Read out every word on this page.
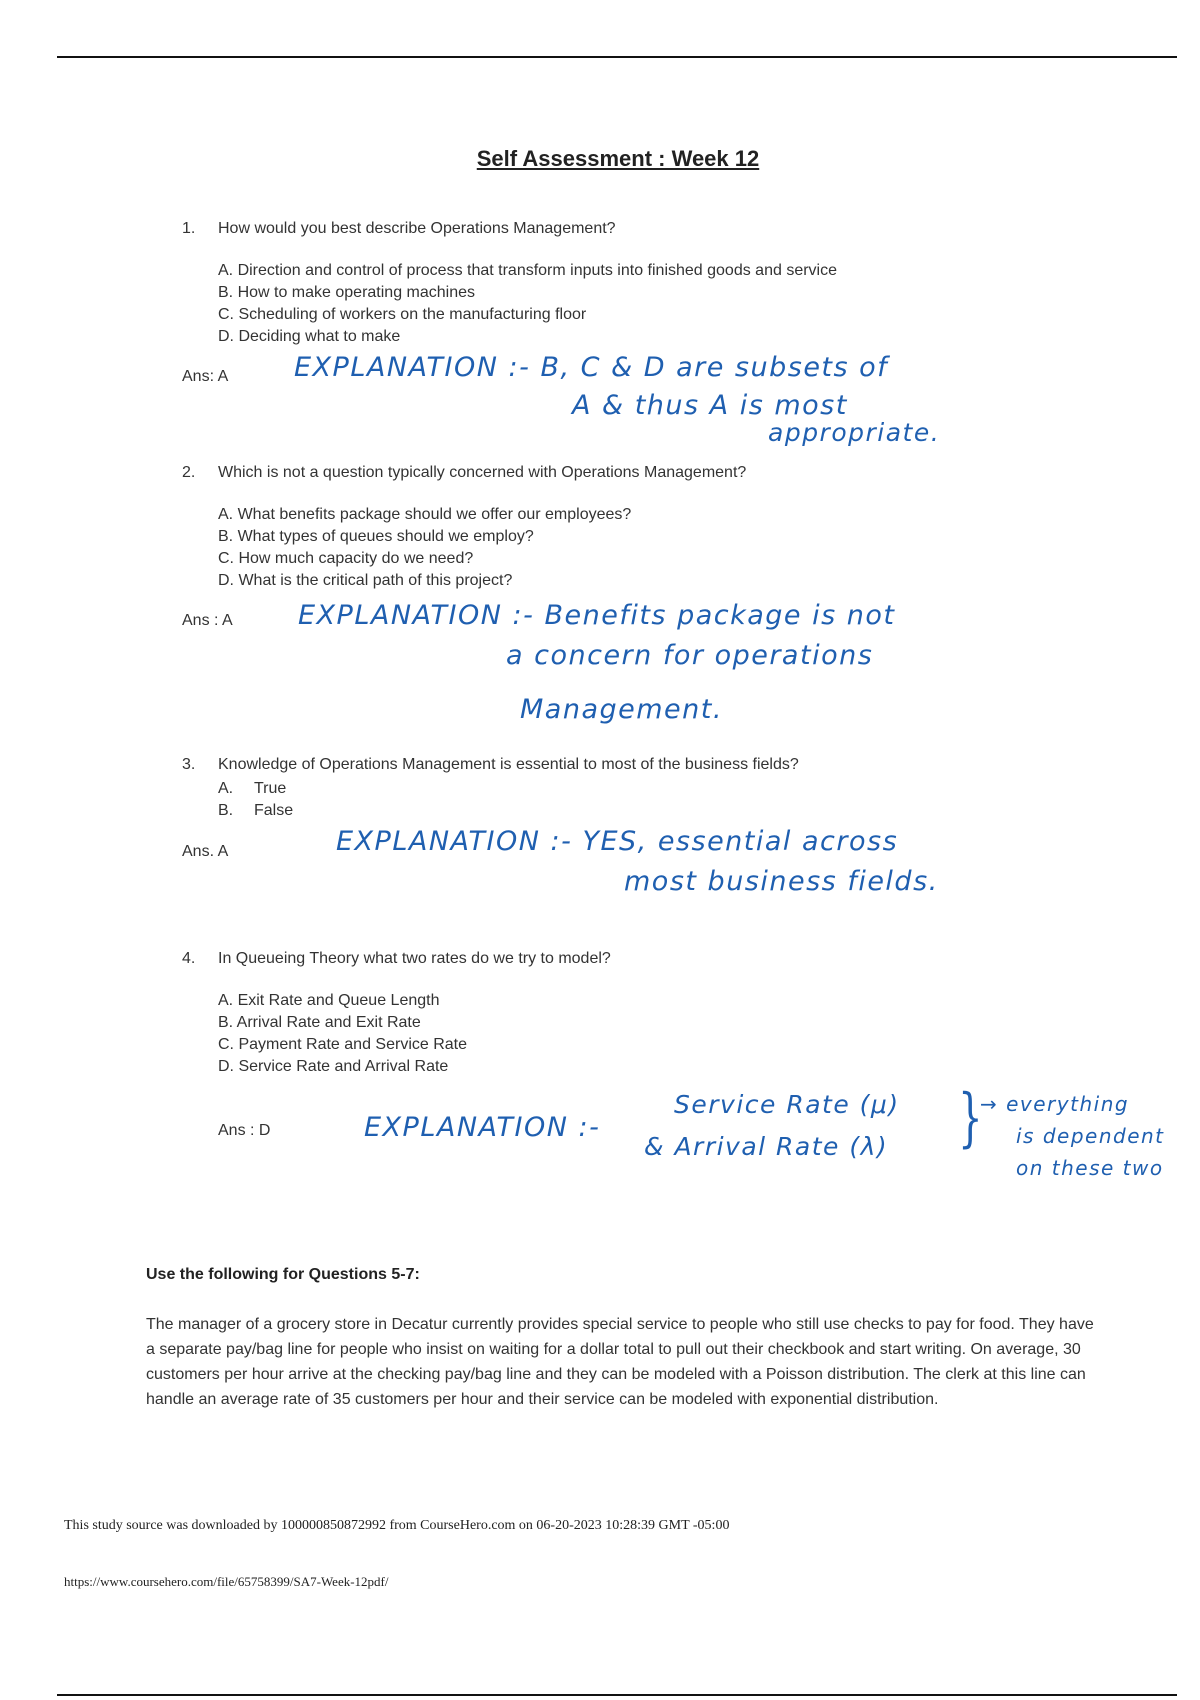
Self Assessment : Week 12
1. How would you best describe Operations Management?
A. Direction and control of process that transform inputs into finished goods and service
B. How to make operating machines
C. Scheduling of workers on the manufacturing floor
D. Deciding what to make
Ans: A EXPLANATION :- B, C & D are subsets of
A & thus A is most
appropriate.
2. Which is not a question typically concerned with Operations Management?
A. What benefits package should we offer our employees?
B. What types of queues should we employ?
C. How much capacity do we need?
D. What is the critical path of this project?
Ans : A EXPLANATION :- Benefits package is not
a concern for operations
Management.
3. Knowledge of Operations Management is essential to most of the business fields?
A. True
B. False
Ans. A	EXPLANATION :- YES, essential across
most business fields.
4. In Queueing Theory what two rates do we try to model?
A. Exit Rate and Queue Length
B. Arrival Rate and Exit Rate
C. Payment Rate and Service Rate
D. Service Rate and Arrival Rate
Ans : D	EXPLANATION :-
Service Rate (μ)
& Arrival Rate (λ) }
→ everything
is dependent
on these two
Use the following for Questions 5-7:
The manager of a grocery store in Decatur currently provides special service to people who still use checks to pay for food. They have a separate pay/bag line for people who insist on waiting for a dollar total to pull out their checkbook and start writing. On average, 30 customers per hour arrive at the checking pay/bag line and they can be modeled with a Poisson distribution. The clerk at this line can handle an average rate of 35 customers per hour and their service can be modeled with exponential distribution.
This study source was downloaded by 100000850872992 from CourseHero.com on 06-20-2023 10:28:39 GMT -05:00
https://www.coursehero.com/file/65758399/SA7-Week-12pdf/
